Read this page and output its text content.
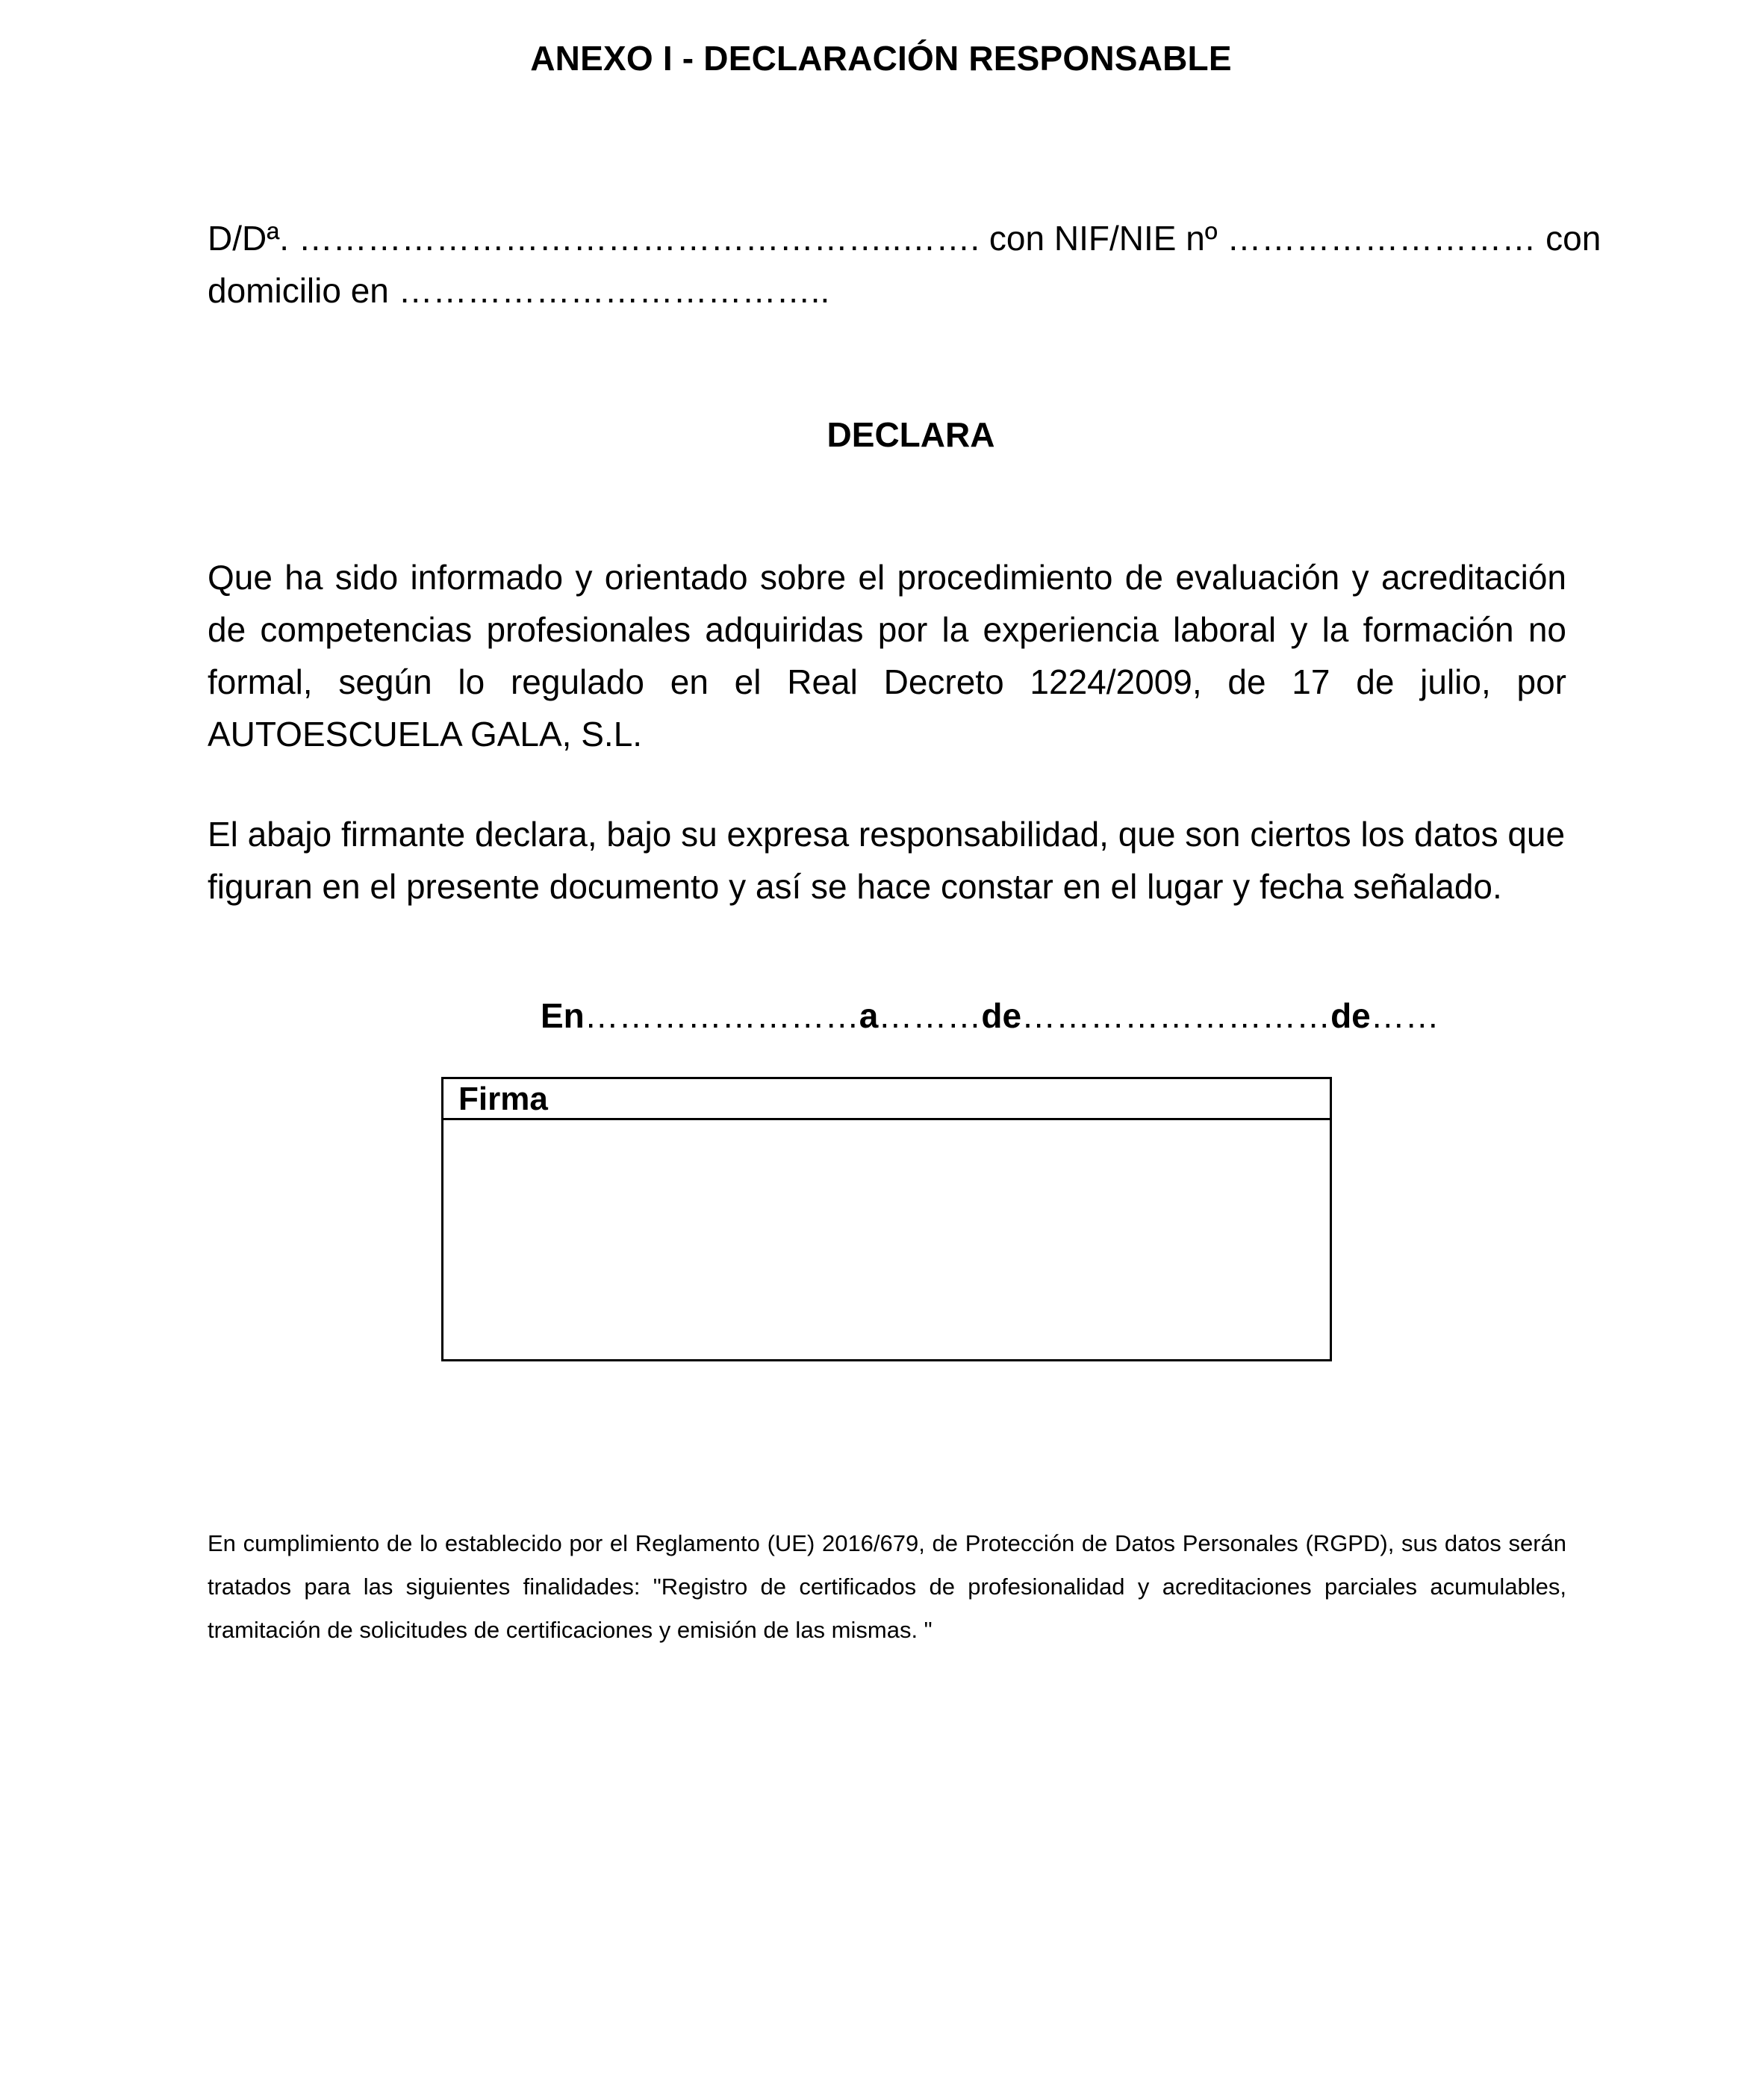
ANEXO I - DECLARACIÓN RESPONSABLE
D/Dª. ……………………………………………..……. con NIF/NIE nº ……………………… con
domicilio en ………………………………..
DECLARA
Que ha sido informado y orientado sobre el procedimiento de evaluación y acreditación de competencias profesionales adquiridas por la experiencia laboral y la formación no formal, según lo regulado en el Real Decreto 1224/2009, de 17 de julio, por AUTOESCUELA GALA, S.L.
El abajo firmante declara, bajo su expresa responsabilidad, que son ciertos los datos que figuran en el presente documento y así se hace constar en el lugar y fecha señalado.
En……………………a………de………………………de……
Firma
En cumplimiento de lo establecido por el Reglamento (UE) 2016/679, de Protección de Datos Personales (RGPD), sus datos serán tratados para las siguientes finalidades: "Registro de certificados de profesionalidad y acreditaciones parciales acumulables, tramitación de solicitudes de certificaciones y emisión de las mismas. "
